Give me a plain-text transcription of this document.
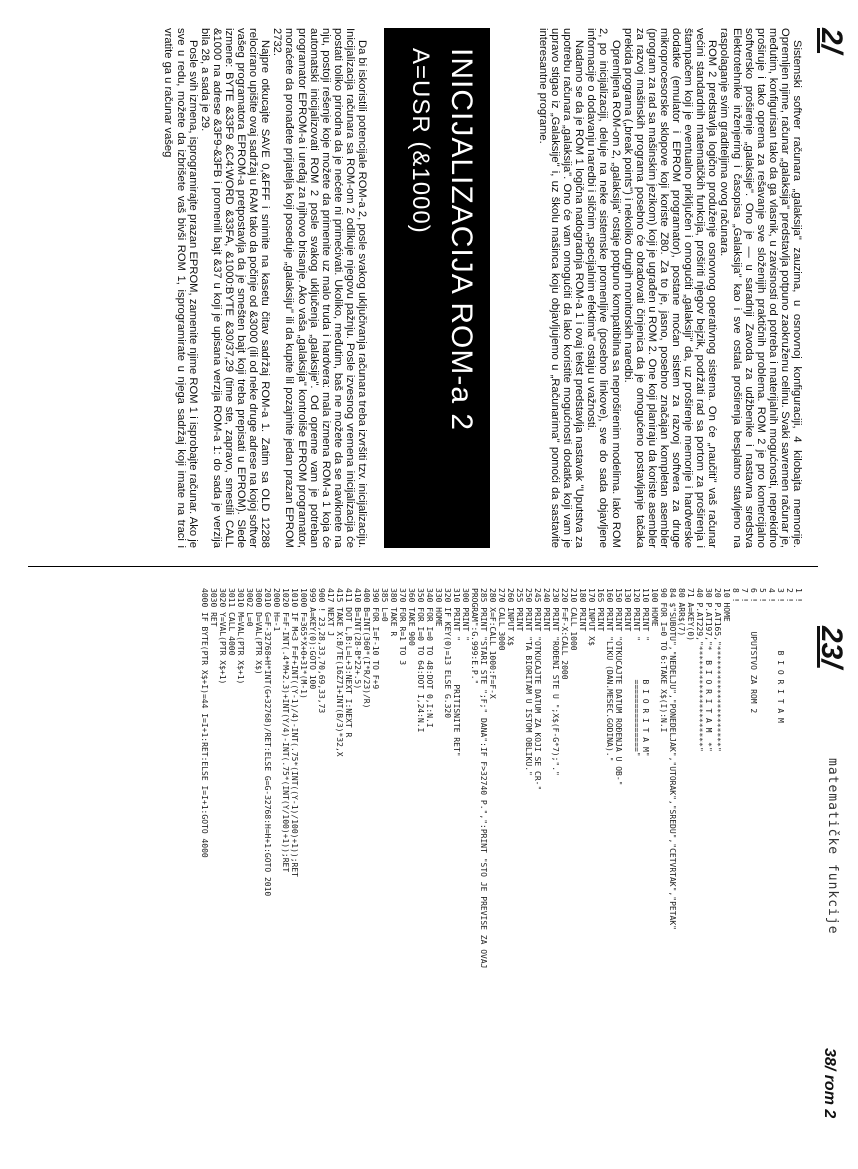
2/
23/
matematičke funkcije

Sistemski softver računara „galaksija" zauzima, u osnovnoj konfiguraciji, 4 kilobajta memorije. Opremljen njime, računar „galaksija" predstavlja potpuno zaokruženu celinu. Svaki savremen računar je, međutim, konfigurisan tako da ga vlasnik, u zavisnosti od potreba i materijalnih mogućnosti, neprekidno proširuje i tako oprema za rešavanje sve složenijih praktičnih problema. ROM 2 je pro komercijalno softversko proširenje „galaksije". Ono je — u saradnji Zavoda za udžbenike i nastavna sredstva Elektrotehnike inženjering i časopisa „Galaksija" kao i sve ostala proširenja besplatno stavljeno na raspolaganje svim graditeljima ovog računara.

ROM 2 predstavlja logično produženje osnovnog operativnog sistema. On će „naučiti" vaš računar većini standardnih matematičkih funkcija, proširiti njegov bejzik, podržati rad sa portom za proširenja i štampačem koji je eventualno priključen i omogućiti „galaksiji" da, uz proširenje memorije i hardverske dodatke (emulator i EPROM programator), postane moćan sistem za razvoj softvera za druge mikroprocesorske sklopove koji koriste Z80. Za to je, jasno, posebno značajan kompletan asembler (program za rad sa mašinskim jezikom) koji je ugrađen u ROM 2. One koji planiraju da koriste asembler za razvoj mašinskih programa posebno će obradovati činjenica da je omogućeno postavljanje tačaka prekida programa („break points") i nekoliko drugih monitorskih naredbi.

Opremljena ROM-om 2, „galaksija" ostaje potpuno kompatibilna sa neproširenim modelima. Iako ROM 2, po inicijalizaciji, deluje na neke sistemske promenljive (posebno linkove), sve do sada objavljene informacije o dodavanju naredbi i sličnim „specijalnim efektima" ostaju u važnosti.

Nadamo se da je ROM 1 logična nadogradnja ROM-a 1 i ovaj tekst predstavlja nastavak "Uputstva za upotrebu računara „galaksija". Ono će vam omogućiti da lako koristite mogućnosti dodatka koji vam je upravo stigao iz „Galaksije" i, uz školu mašinca koju objavljujemo u „Računarima" pomoći da sastavite interesantne programe.

INICIJALIZACIJA ROM-a 2
A=USR (&1000)

Da bi iskoristili potencijale ROM-a 2, posle svakog uključivanja računara treba izvršiti tzv. inicijalizaciju. Inicijalizacija računara sa ROM-om 2 odlikuje njegovu pažnju. Posle izvesnog vremena inicijalizacija će postati toliko prirodna da je nećete ni primećivati. Ukoliko, međutim, baš ne možete da se naviknete na nju, postoji rešenje koje možete da primenite uz malo truda i hardvera: mala izmena ROM-a 1 koja će automatski inicijalizovati ROM 2 posle svakog uključenja „galaksije". Od opreme vam je potreban programator EPROM-a i uređaj za njihovo brisanje. Ako vaša „galaksija" kontroliše EPROM programator, moraćete da pronađete prijatelja koji poseduje „galaksiju" ili da kupite lil pozajmite jedan prazan EPROM 2732.

Najpre otkucajte SAVE 0,&FFF i snimite na kasetu čitav sadržaj ROM-a 1. Zatim sa OLD 12288 relocirano upišite ovaj sadržaj u RAM tako da počinje od &3000 (ili od neke druge adrese na kojoj softver vašeg programatora EPROM-a pretpostavlja da je smešten bajt koji treba prepisati u EPROM). Slede izmene: BYTE &33F9 &C4:WORD &33FA, &1000:BYTE &30/37,29 (time ste, zapravo, smestili CALL &1000 na adrese &3F9-&3FB i promenili bajt &37 u koji je upisana verzija ROM-a 1: do sada je verzija bila 28, a sada je 29.

Posle svih izmena, isprogramirajte prazan EPROM, zamenite njime ROM 1 i isprobajte računar. Ako je sve u redu, možete da izbrišete vaš bivši ROM 1, isprogramirate u njega sadržaj koji imate na traci i vratite ga u računar vašeg

1 !
2 !
3 !          B I O R I T A M
4 !
5 !
6 !      UPUTSTVO ZA ROM 2
7 !
8 !
10 HOME
20 P.AT165,"*********************"
30 P.AT197,"*  B I O R I T A M  *"
40 P.AT229,"*********************"
71 A=KEY(0)
80 ARR$(7)
84 $"SUBOTU","NEDELJU","PONEDELJAK","UTORAK","SREDU","CETVRTAK","PETAK"
90 FOR I=0 TO 6:TAKE X$(I):N.I
100 HOME
110 PRINT "        B I O R I T A M"
120 PRINT "        ==============="
130 PRINT
150 PRINT "OTKUCAJTE DATUM ROĐENJA U OB-"
160 PRINT "LIKU (DAN.MESEC.GODINA)."
165 PRINT
170 INPUT X$
180 PRINT
210 CALL 1000
220 F=F-X:CALL 2000
230 PRINT "ROĐENI STE U ";X$(F-G*7);"."
240 PRINT
245 PRINT "OTKUCAJTE DATUM ZA KOJI SE CR-"
250 PRINT "TA BIORITAM U ISTOM OBLIKU."
255 PRINT
260 INPUT X$
270 CALL 3000
280 X=F:CALL 1000:F=F-X
285 PRINT "STARI STE ";F;" DANA":IF F>32740 P.",":PRINT "STO JE PREVISE ZA OVAJ
PROGRAM":G.999:E.P."
300 PRINT "
310 PRINT "         PRITISNITE RET"
320 IF KEY(0)=13 ELSE G.320
330 HOME
340 FOR I=0 TO 48:DOT 0,I:N.I
350 FOR I=0 TO 64:DOT I,24:N.I
360 TAKE 900
370 FOR R=1 TO 3
380 TAKE R
385 L=0
390 FOR I=F-10 TO F+9
400 B=INT(360*(I*R/23)/R)
410 B=INT(28-B*22+.5)
411 DOT L,B:L=L+3:NEXT I:NEXT R
415 TAKE X:B/TE(16Z71+INT(B/3)*32,X
417 NEXT J
900 ! 23,28,33,70,69,33,73
999 A=KEY(0):GOTO 100
1000 F=365*X+0+31*(M-1)
1010 IF M<3 F=F+INT((Y-1)/4)-INT(.75*(INT((Y-1)/100)+1));RET
1020 F=F-INT(.4*M+2.3)+INT(Y/4)-INT(.75*(INT(Y/100)+1));RET
2000 H=-1
2010 G=F-32768+H*INT(G+32768)/RET:ELSE G=G-32768:H=H+1:GOTO 2010
3000 D=VAL(PTR X$)
3002 L=0
3010 M=VAL(PTR X$+1)
3011 CALL 4000
3020 Y=VAL(PTR X$+1)
3030 RET
4000 IF BYTE(PTR X$+I)=44 I=I+1:RET:ELSE I=I+1:GOTO 4000
38/ rom 2
